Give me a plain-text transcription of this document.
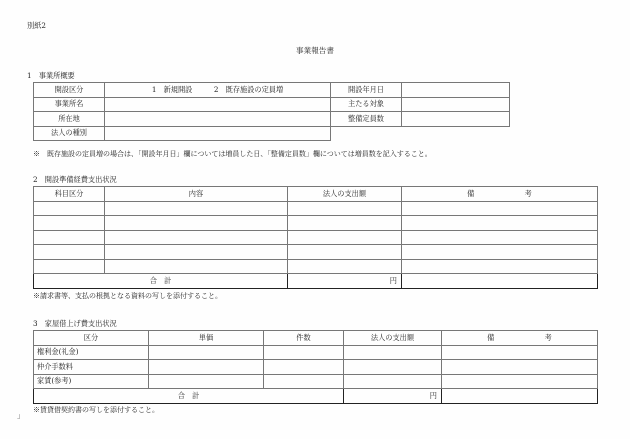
別紙2
事業報告書
1　事業所概要
開設区分	1　新規開設　　　2　既存施設の定員増	開設年月日	
事業所名		主たる対象	
所在地		整備定員数	
法人の種別			
※　既存施設の定員増の場合は、「開設年月日」欄については増員した日、「整備定員数」欄については増員数を記入すること。
2　開設準備経費支出状況
科目区分	内容	法人の支出額	備　　　　　　　考

合　計		円	
※請求書等、支払の根拠となる資料の写しを添付すること。
3　家屋借上げ費支出状況
区分	単価	件数	法人の支出額	備　　　　　　　考
権利金(礼金)				
仲介手数料				
家賃(参考)				
合　計			円	
※賃貸借契約書の写しを添付すること。
」
